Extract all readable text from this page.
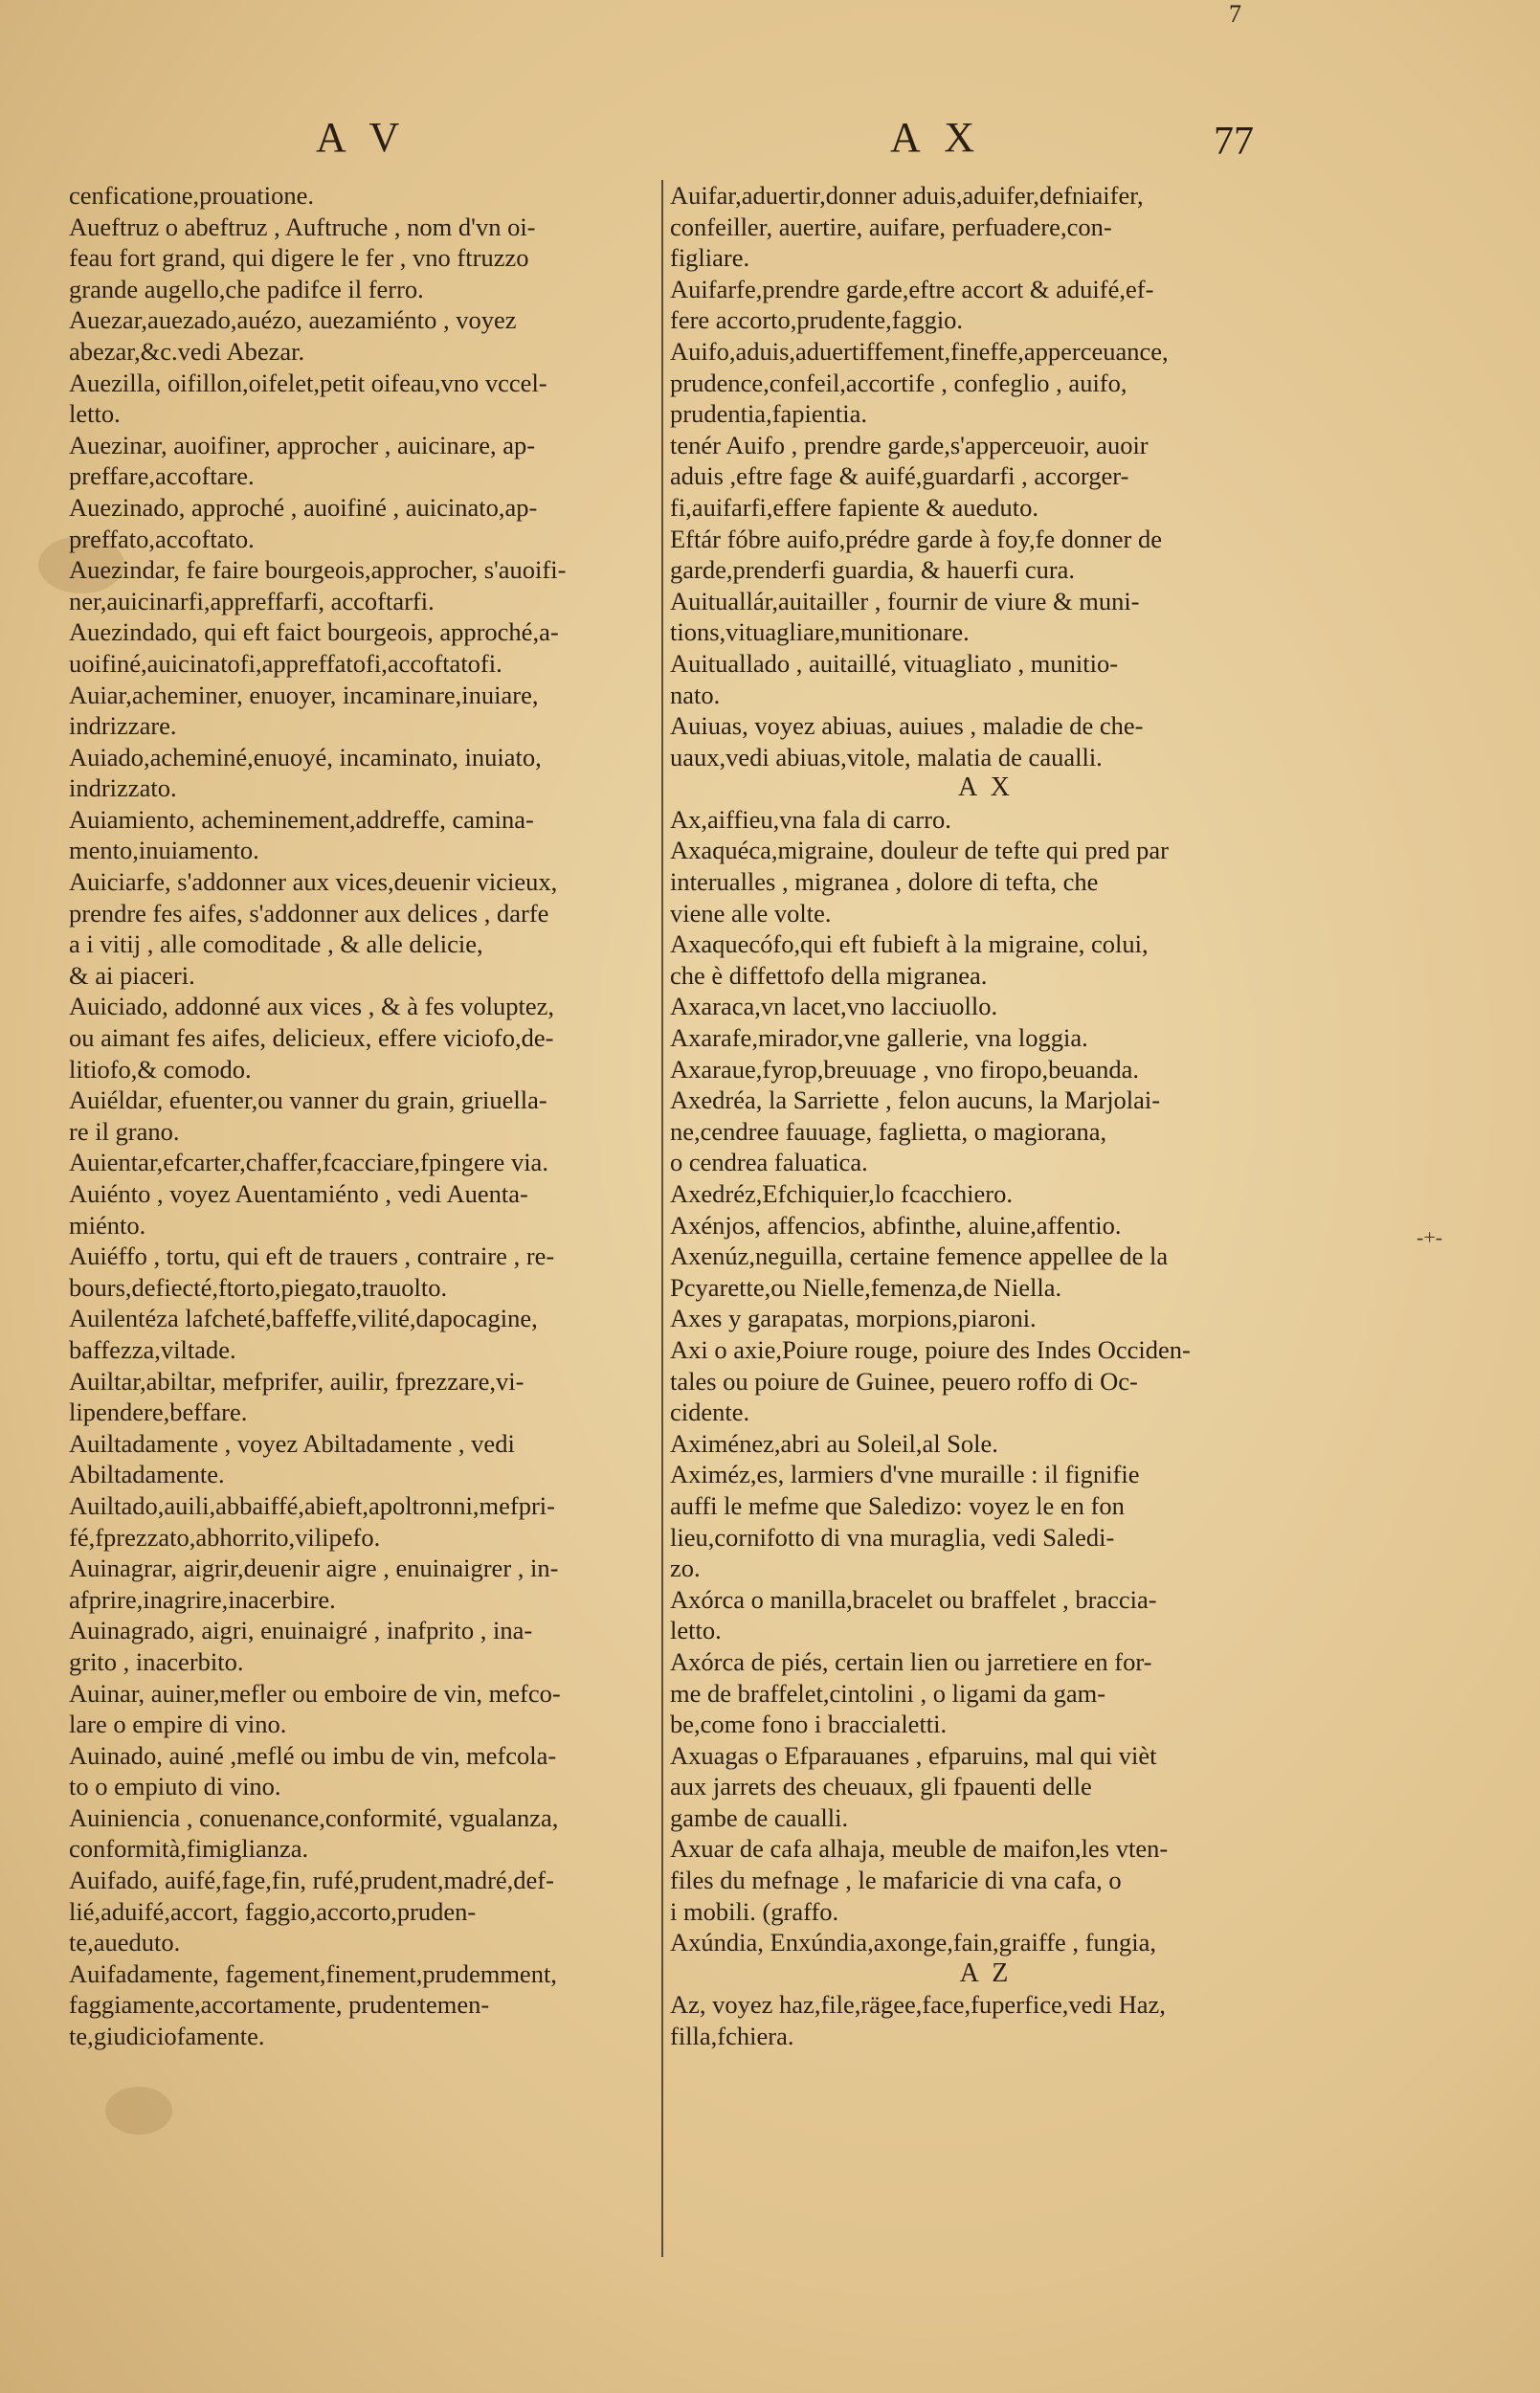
7
A V	A X	77
cenficatione,prouatione.
Aueftruz o abeftruz , Auftruche , nom d'vn oi-
feau fort grand, qui digere le fer , vno ftruzzo
grande augello,che padifce il ferro.
Auezar,auezado,auézo, auezamiénto , voyez
abezar,&c.vedi Abezar.
Auezilla, oifillon,oifelet,petit oifeau,vno vccel-
letto.
Auezinar, auoifiner, approcher , auicinare, ap-
preffare,accoftare.
Auezinado, approché , auoifiné , auicinato,ap-
preffato,accoftato.
Auezindar, fe faire bourgeois,approcher, s'auoifi-
ner,auicinarfi,appreffarfi, accoftarfi.
Auezindado, qui eft faict bourgeois, approché,a-
uoifiné,auicinatofi,appreffatofi,accoftatofi.
Auiar,acheminer, enuoyer, incaminare,inuiare,
indrizzare.
Auiado,acheminé,enuoyé, incaminato, inuiato,
indrizzato.
Auiamiento, acheminement,addreffe, camina-
mento,inuiamento.
Auiciarfe, s'addonner aux vices,deuenir vicieux,
prendre fes aifes, s'addonner aux delices , darfe
a i vitij , alle comoditade , & alle delicie,
& ai piaceri.
Auiciado, addonné aux vices , & à fes voluptez,
ou aimant fes aifes, delicieux, effere viciofo,de-
litiofo,& comodo.
Auiéldar, efuenter,ou vanner du grain, griuella-
re il grano.
Auientar,efcarter,chaffer,fcacciare,fpingere via.
Auiénto , voyez Auentamiénto , vedi Auenta-
miénto.
Auiéffo , tortu, qui eft de trauers , contraire , re-
bours,defiecté,ftorto,piegato,trauolto.
Auilentéza lafcheté,baffeffe,vilité,dapocagine,
baffezza,viltade.
Auiltar,abiltar, mefprifer, auilir, fprezzare,vi-
lipendere,beffare.
Auiltadamente , voyez Abiltadamente , vedi
Abiltadamente.
Auiltado,auili,abbaiffé,abieft,apoltronni,mefpri-
fé,fprezzato,abhorrito,vilipefo.
Auinagrar, aigrir,deuenir aigre , enuinaigrer , in-
afprire,inagrire,inacerbire.
Auinagrado, aigri, enuinaigré , inafprito , ina-
grito , inacerbito.
Auinar, auiner,mefler ou emboire de vin, mefco-
lare o empire di vino.
Auinado, auiné ,meflé ou imbu de vin, mefcola-
to o empiuto di vino.
Auiniencia , conuenance,conformité, vgualanza,
conformità,fimiglianza.
Auifado, auifé,fage,fin, rufé,prudent,madré,def-
lié,aduifé,accort, faggio,accorto,pruden-
te,aueduto.
Auifadamente, fagement,finement,prudemment,
faggiamente,accortamente, prudentemen-
te,giudiciofamente.
Auifar,aduertir,donner aduis,aduifer,defniaifer,
confeiller, auertire, auifare, perfuadere,con-
figliare.
Auifarfe,prendre garde,eftre accort & aduifé,ef-
fere accorto,prudente,faggio.
Auifo,aduis,aduertiffement,fineffe,apperceuance,
prudence,confeil,accortife , confeglio , auifo,
prudentia,fapientia.
tenér Auifo , prendre garde,s'apperceuoir, auoir
aduis ,eftre fage & auifé,guardarfi , accorger-
fi,auifarfi,effere fapiente & aueduto.
Eftár fóbre auifo,prédre garde à foy,fe donner de
garde,prenderfi guardia, & hauerfi cura.
Auituallár,auitailler , fournir de viure & muni-
tions,vituagliare,munitionare.
Auituallado , auitaillé, vituagliato , munitio-
nato.
Auiuas, voyez abiuas, auiues , maladie de che-
uaux,vedi abiuas,vitole, malatia de caualli.
A X
Ax,aiffieu,vna fala di carro.
Axaquéca,migraine, douleur de tefte qui pred par
interualles , migranea , dolore di tefta, che
viene alle volte.
Axaquecófo,qui eft fubieft à la migraine, colui,
che è diffettofo della migranea.
Axaraca,vn lacet,vno lacciuollo.
Axarafe,mirador,vne gallerie, vna loggia.
Axaraue,fyrop,breuuage , vno firopo,beuanda.
Axedréa, la Sarriette , felon aucuns, la Marjolai-
ne,cendree fauuage, faglietta, o magiorana,
o cendrea faluatica.
Axedréz,Efchiquier,lo fcacchiero.
Axénjos, affencios, abfinthe, aluine,affentio.
Axenúz,neguilla, certaine femence appellee de la
Pcyarette,ou Nielle,femenza,de Niella.
Axes y garapatas, morpions,piaroni.
Axi o axie,Poiure rouge, poiure des Indes Occiden-
tales ou poiure de Guinee, peuero roffo di Oc-
cidente.
Aximénez,abri au Soleil,al Sole.
Aximéz,es, larmiers d'vne muraille : il fignifie
auffi le mefme que Saledizo: voyez le en fon
lieu,cornifotto di vna muraglia, vedi Saledi-
zo.
Axórca o manilla,bracelet ou braffelet , braccia-
letto.
Axórca de piés, certain lien ou jarretiere en for-
me de braffelet,cintolini , o ligami da gam-
be,come fono i braccialetti.
Axuagas o Efparauanes , efparuins, mal qui vièt
aux jarrets des cheuaux, gli fpauenti delle
gambe de caualli.
Axuar de cafa alhaja, meuble de maifon,les vten-
files du mefnage , le mafaricie di vna cafa, o
i mobili. (graffo.
Axúndia, Enxúndia,axonge,fain,graiffe , fungia,
A Z
Az, voyez haz,file,rägee,face,fuperfice,vedi Haz,
filla,fchiera.
-+-
